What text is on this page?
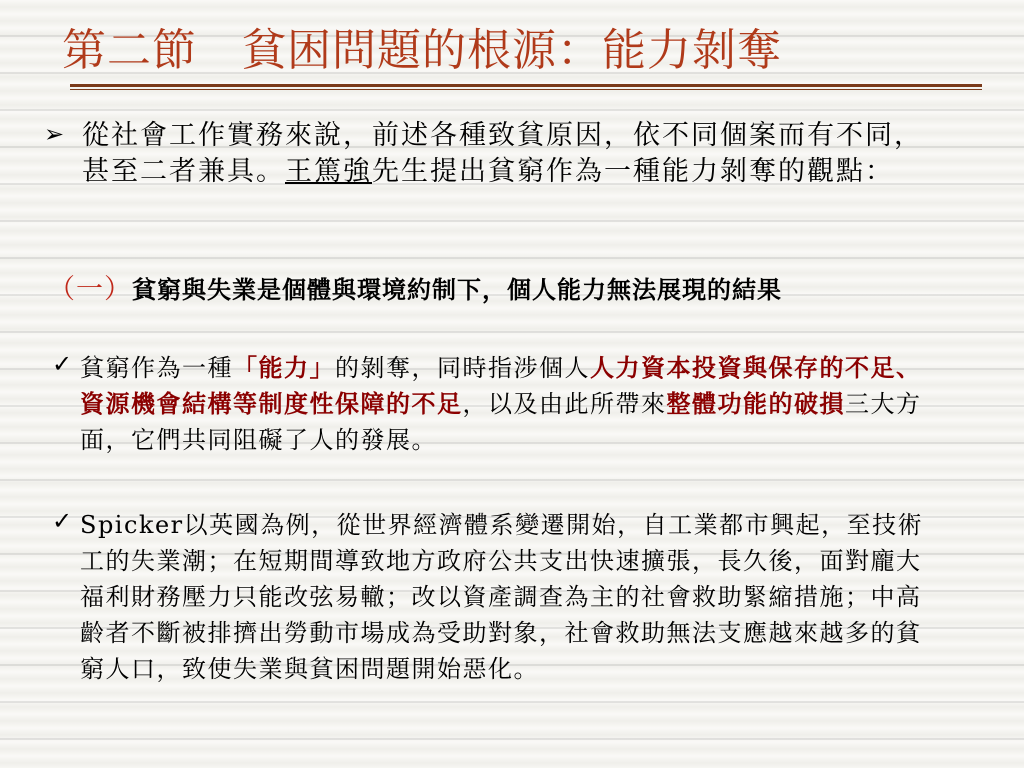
第二節　貧困問題的根源：能力剝奪
➢ 從社會工作實務來說，前述各種致貧原因，依不同個案而有不同，甚至二者兼具。王篤強先生提出貧窮作為一種能力剝奪的觀點：
（一）貧窮與失業是個體與環境約制下，個人能力無法展現的結果
✓ 貧窮作為一種「能力」的剝奪，同時指涉個人人力資本投資與保存的不足、資源機會結構等制度性保障的不足，以及由此所帶來整體功能的破損三大方面，它們共同阻礙了人的發展。
✓ Spicker以英國為例，從世界經濟體系變遷開始，自工業都市興起，至技術工的失業潮；在短期間導致地方政府公共支出快速擴張，長久後，面對龐大福利財務壓力只能改弦易轍；改以資產調查為主的社會救助緊縮措施；中高齡者不斷被排擠出勞動市場成為受助對象，社會救助無法支應越來越多的貧窮人口，致使失業與貧困問題開始惡化。
